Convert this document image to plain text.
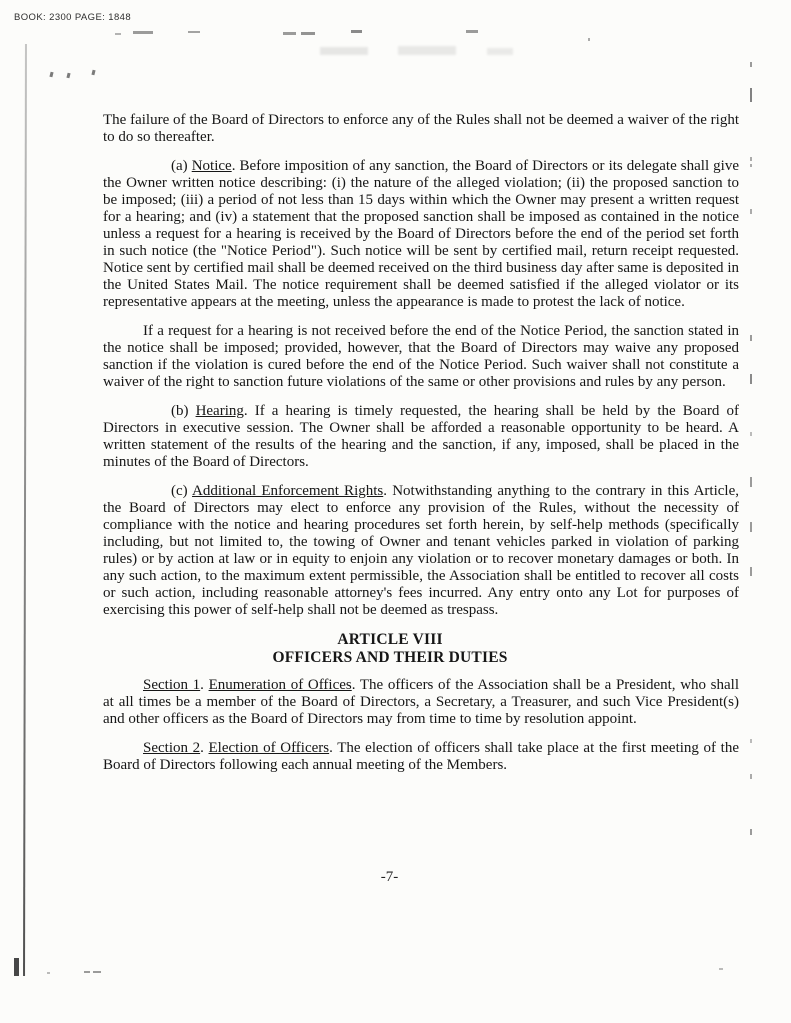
BOOK: 2300 PAGE: 1848

The failure of the Board of Directors to enforce any of the Rules shall not be deemed a waiver of the right to do so thereafter.

(a) Notice. Before imposition of any sanction, the Board of Directors or its delegate shall give the Owner written notice describing: (i) the nature of the alleged violation; (ii) the proposed sanction to be imposed; (iii) a period of not less than 15 days within which the Owner may present a written request for a hearing; and (iv) a statement that the proposed sanction shall be imposed as contained in the notice unless a request for a hearing is received by the Board of Directors before the end of the period set forth in such notice (the "Notice Period"). Such notice will be sent by certified mail, return receipt requested. Notice sent by certified mail shall be deemed received on the third business day after same is deposited in the United States Mail. The notice requirement shall be deemed satisfied if the alleged violator or its representative appears at the meeting, unless the appearance is made to protest the lack of notice.

If a request for a hearing is not received before the end of the Notice Period, the sanction stated in the notice shall be imposed; provided, however, that the Board of Directors may waive any proposed sanction if the violation is cured before the end of the Notice Period. Such waiver shall not constitute a waiver of the right to sanction future violations of the same or other provisions and rules by any person.

(b) Hearing. If a hearing is timely requested, the hearing shall be held by the Board of Directors in executive session. The Owner shall be afforded a reasonable opportunity to be heard. A written statement of the results of the hearing and the sanction, if any, imposed, shall be placed in the minutes of the Board of Directors.

(c) Additional Enforcement Rights. Notwithstanding anything to the contrary in this Article, the Board of Directors may elect to enforce any provision of the Rules, without the necessity of compliance with the notice and hearing procedures set forth herein, by self-help methods (specifically including, but not limited to, the towing of Owner and tenant vehicles parked in violation of parking rules) or by action at law or in equity to enjoin any violation or to recover monetary damages or both. In any such action, to the maximum extent permissible, the Association shall be entitled to recover all costs or such action, including reasonable attorney's fees incurred. Any entry onto any Lot for purposes of exercising this power of self-help shall not be deemed as trespass.

ARTICLE VIII
OFFICERS AND THEIR DUTIES

Section 1. Enumeration of Offices. The officers of the Association shall be a President, who shall at all times be a member of the Board of Directors, a Secretary, a Treasurer, and such Vice President(s) and other officers as the Board of Directors may from time to time by resolution appoint.

Section 2. Election of Officers. The election of officers shall take place at the first meeting of the Board of Directors following each annual meeting of the Members.

-7-
